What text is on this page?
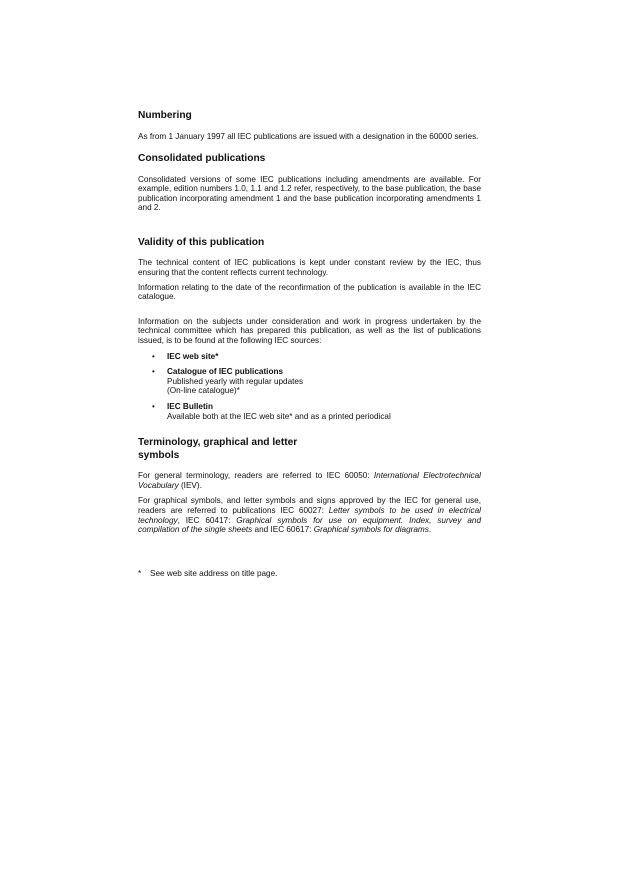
Numbering

As from 1 January 1997 all IEC publications are issued with a designation in the 60000 series.

Consolidated publications

Consolidated versions of some IEC publications including amendments are available. For example, edition numbers 1.0, 1.1 and 1.2 refer, respectively, to the base publication, the base publication incorporating amendment 1 and the base publication incorporating amendments 1 and 2.

Validity of this publication

The technical content of IEC publications is kept under constant review by the IEC, thus ensuring that the content reflects current technology.

Information relating to the date of the reconfirmation of the publication is available in the IEC catalogue.

Information on the subjects under consideration and work in progress undertaken by the technical committee which has prepared this publication, as well as the list of publications issued, is to be found at the following IEC sources:

• IEC web site*
• Catalogue of IEC publications
Published yearly with regular updates
(On-line catalogue)*
• IEC Bulletin
Available both at the IEC web site* and as a printed periodical
Terminology, graphical and letter
symbols

For general terminology, readers are referred to IEC 60050: International Electrotechnical Vocabulary (IEV).

For graphical symbols, and letter symbols and signs approved by the IEC for general use, readers are referred to publications IEC 60027: Letter symbols to be used in electrical technology, IEC 60417: Graphical symbols for use on equipment. Index, survey and compilation of the single sheets and IEC 60617: Graphical symbols for diagrams.

*	See web site address on title page.
